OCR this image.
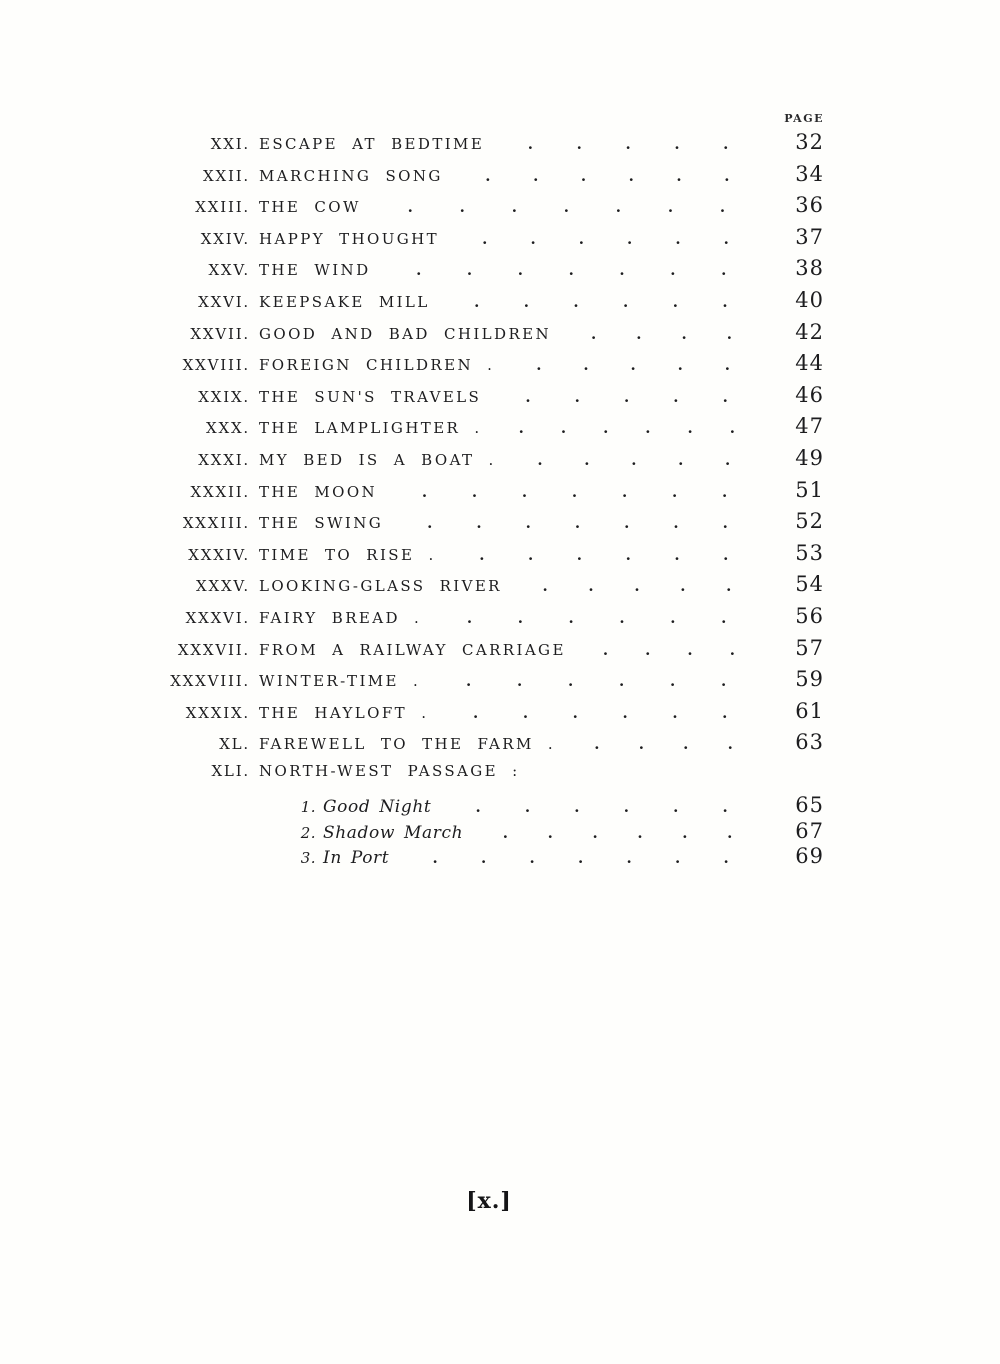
PAGE
XXI. ESCAPE AT BEDTIME	.	.	.	.	.	32
XXII. MARCHING SONG	.	.	.	.	.	.	34
XXIII. THE COW	.	.	.	.	.	.	.	36
XXIV. HAPPY THOUGHT	.	.	.	.	.	.	37
XXV. THE WIND	.	.	.	.	.	.	.	38
XXVI. KEEPSAKE MILL	.	.	.	.	.	.	40
XXVII. GOOD AND BAD CHILDREN	.	.	.	.	42
XXVIII. FOREIGN CHILDREN .	.	.	.	.	.	44
XXIX. THE SUN'S TRAVELS	.	.	.	.	.	46
XXX. THE LAMPLIGHTER . . . . . . .	47
XXXI. MY BED IS A BOAT .	.	.	.	.	.	49
XXXII. THE MOON	.	.	.	.	.	.	.	51
XXXIII. THE SWING	.	.	.	.	.	.	.	52
XXXIV. TIME TO RISE .	.	.	.	.	.	.	53
XXXV. LOOKING-GLASS RIVER	.	.	.	.	.	54
XXXVI. FAIRY BREAD .	.	.	.	.	.	.	56
XXXVII. FROM A RAILWAY CARRIAGE . . . .	57
XXXVIII. WINTER-TIME .	.	.	.	.	.	.	59
XXXIX. THE HAYLOFT .	.	.	.	.	.	.	61
XL. FAREWELL TO THE FARM .	.	.	.	.	63
XLI. NORTH-WEST PASSAGE :
1. Good Night	.	.	.	.	.	.	65
2. Shadow March	.	.	.	.	.	.	67
3. In Port	.	.	.	.	.	.	.	69
[x.]
